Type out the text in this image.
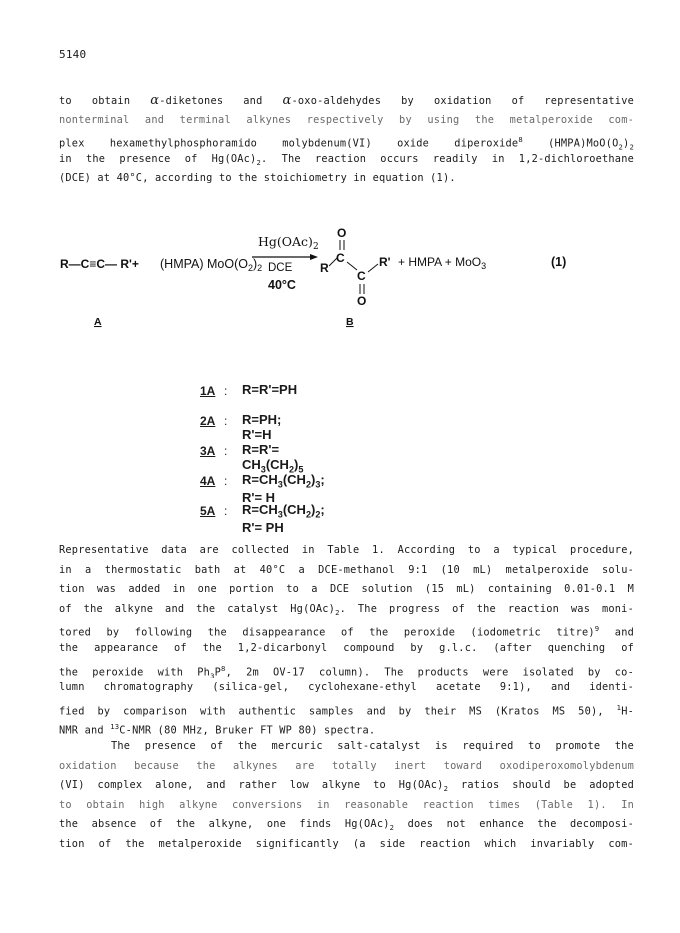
5140
to obtain α-diketones and α-oxo-aldehydes by oxidation of representative
nonterminal and terminal alkynes respectively by using the metalperoxide com-
plex hexamethylphosphoramido molybdenum(VI) oxide diperoxide$^8$ $(HMPA)MoO(O_2)_2$
in the presence of $Hg(OAc)_2$. The reaction occurs readily in 1,2-dichloroethane
(DCE) at 40°C, according to the stoichiometry in equation (1).
R—C≡C— R'+ (HMPA) $MoO(O_2)_2$
$Hg(OAc)_2$
DCE
40°C
R
C
O
C
O
R' + HMPA + MoO$_3$	(1)
A	B
1A : R=R'=PH
2A : R=PH; R'=H
3A : $R=R'= CH_3(CH_2)_5$
4A : $R=CH_3(CH_2)_3$; R'= H
5A : $R=CH_3(CH_2)_2$; R'= PH
Representative data are collected in Table 1. According to a typical procedure,
in a thermostatic bath at 40°C a DCE-methanol 9:1 (10 mL) metalperoxide solu-
tion was added in one portion to a DCE solution (15 mL) containing 0.01-0.1 M
of the alkyne and the catalyst $Hg(OAc)_2$. The progress of the reaction was moni-
tored by following the disappearance of the peroxide (iodometric titre)$^9$ and
the appearance of the 1,2-dicarbonyl compound by g.l.c. (after quenching of
the peroxide with $Ph_3P^8$, 2m OV-17 column). The products were isolated by co-
lumn chromatography (silica-gel, cyclohexane-ethyl acetate 9:1), and identi-
fied by comparison with authentic samples and by their MS (Kratos MS 50), $^1$H-
NMR and $^{13}$C-NMR (80 MHz, Bruker FT WP 80) spectra.
The presence of the mercuric salt-catalyst is required to promote the
oxidation because the alkynes are totally inert toward oxodiperoxomolybdenum
(VI) complex alone, and rather low alkyne to $Hg(OAc)_2$ ratios should be adopted
to obtain high alkyne conversions in reasonable reaction times (Table 1). In
the absence of the alkyne, one finds $Hg(OAc)_2$ does not enhance the decomposi-
tion of the metalperoxide significantly (a side reaction which invariably com-
